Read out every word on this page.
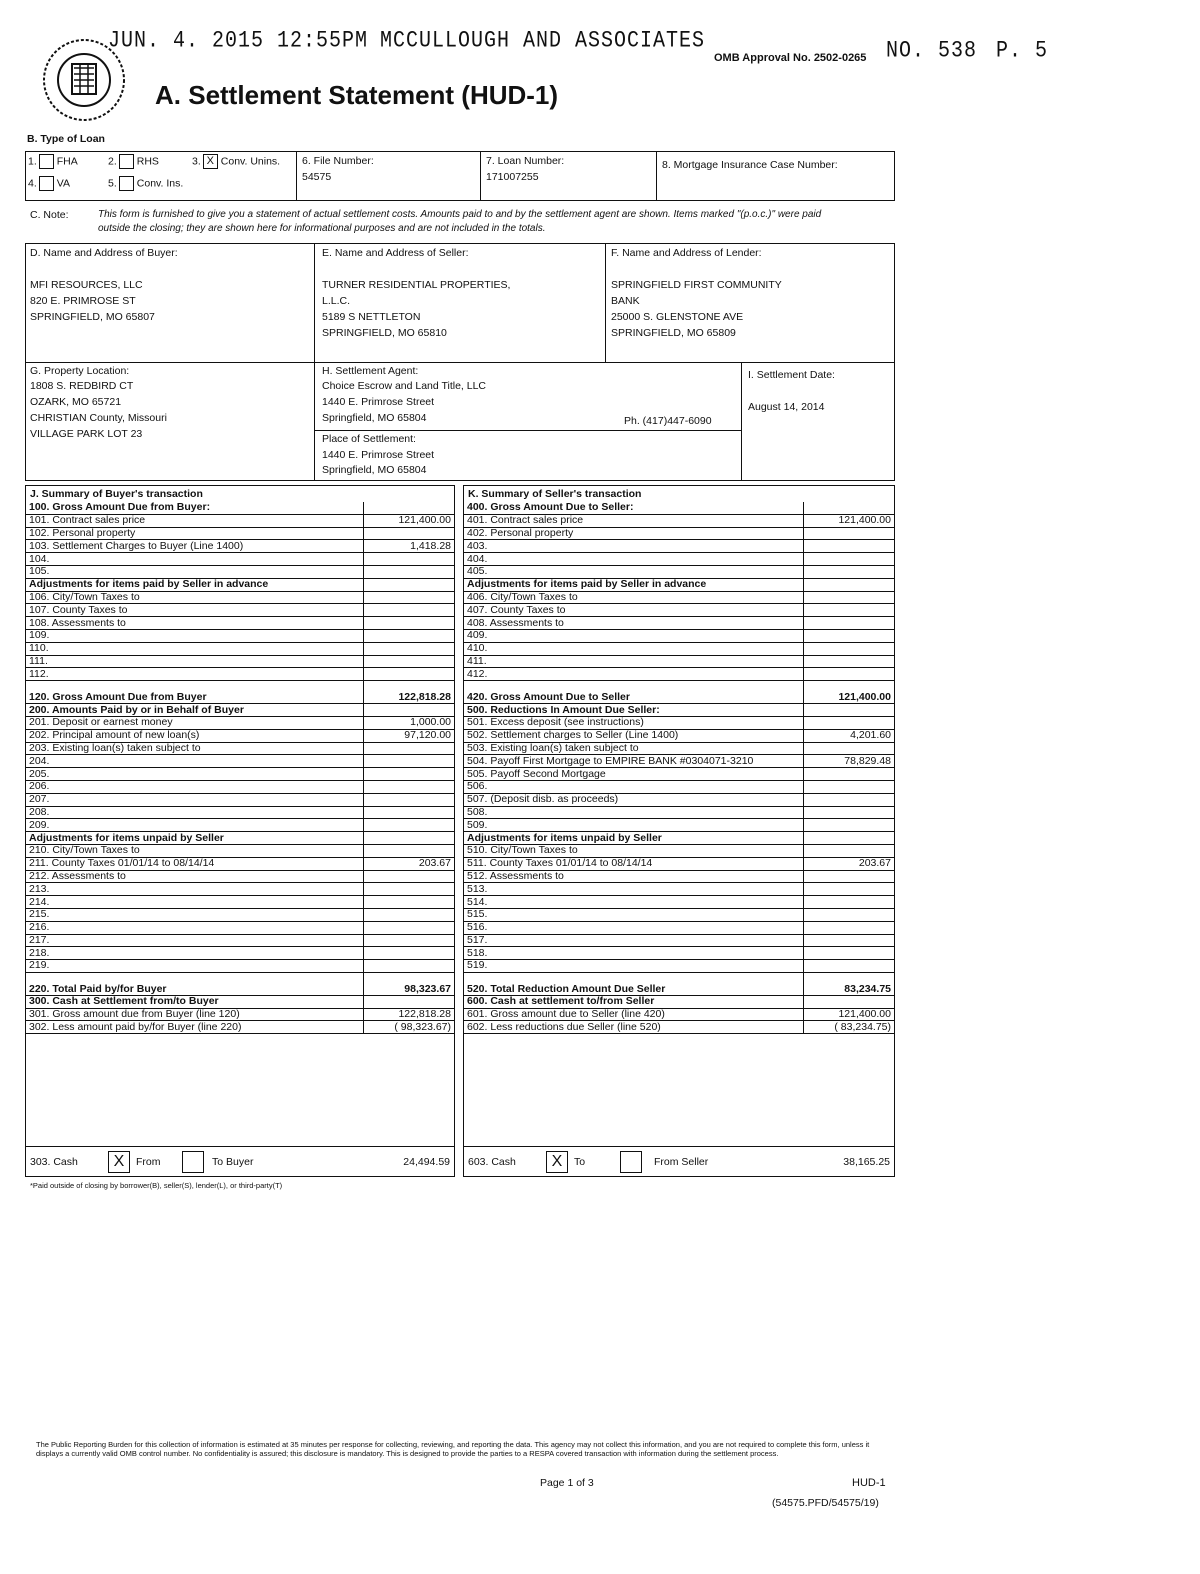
JUN. 4. 2015 12:55PM MCCULLOUGH AND ASSOCIATES	NO. 538 P. 5
OMB Approval No. 2502-0265
A. Settlement Statement (HUD-1)
B. Type of Loan
1. FHA	2. RHS	3. X Conv. Unins.
4. VA	5. Conv. Ins.
6. File Number:
54575
7. Loan Number:
171007255
8. Mortgage Insurance Case Number:
C. Note:	This form is furnished to give you a statement of actual settlement costs. Amounts paid to and by the settlement agent are shown. Items marked "(p.o.c.)" were paid outside the closing; they are shown here for informational purposes and are not included in the totals.
D. Name and Address of Buyer:
MFI RESOURCES, LLC
820 E. PRIMROSE ST
SPRINGFIELD, MO 65807
E. Name and Address of Seller:
TURNER RESIDENTIAL PROPERTIES,
L.L.C.
5189 S NETTLETON
SPRINGFIELD, MO 65810
F. Name and Address of Lender:
SPRINGFIELD FIRST COMMUNITY
BANK
25000 S. GLENSTONE AVE
SPRINGFIELD, MO 65809
G. Property Location:
1808 S. REDBIRD CT
OZARK, MO 65721
CHRISTIAN County, Missouri
VILLAGE PARK LOT 23
H. Settlement Agent:
Choice Escrow and Land Title, LLC
1440 E. Primrose Street
Springfield, MO 65804	Ph. (417)447-6090
Place of Settlement:
1440 E. Primrose Street
Springfield, MO 65804
I. Settlement Date:
August 14, 2014
J. Summary of Buyer's transaction
100. Gross Amount Due from Buyer:	
101. Contract sales price	121,400.00
102. Personal property	
103. Settlement Charges to Buyer (Line 1400)	1,418.28
104.	
105.	
Adjustments for items paid by Seller in advance	
106. City/Town Taxes to	
107. County Taxes to	
108. Assessments to	
109.	
110.	
111.	
112.	
120. Gross Amount Due from Buyer	122,818.28
200. Amounts Paid by or in Behalf of Buyer	
201. Deposit or earnest money	1,000.00
202. Principal amount of new loan(s)	97,120.00
203. Existing loan(s) taken subject to	
204.	
205.	
206.	
207.	
208.	
209.	
Adjustments for items unpaid by Seller	
210. City/Town Taxes to	
211. County Taxes 01/01/14 to 08/14/14	203.67
212. Assessments to	
213.	
214.	
215.	
216.	
217.	
218.	
219.	
220. Total Paid by/for Buyer	98,323.67
300. Cash at Settlement from/to Buyer	
301. Gross amount due from Buyer (line 120)	122,818.28
302. Less amount paid by/for Buyer (line 220)	( 98,323.67)
303. Cash	X	From	To Buyer	24,494.59
K. Summary of Seller's transaction
400. Gross Amount Due to Seller:	
401. Contract sales price	121,400.00
402. Personal property	
403.	
404.	
405.	
Adjustments for items paid by Seller in advance	
406. City/Town Taxes to	
407. County Taxes to	
408. Assessments to	
409.	
410.	
411.	
412.	
420. Gross Amount Due to Seller	121,400.00
500. Reductions In Amount Due Seller:	
501. Excess deposit (see instructions)	
502. Settlement charges to Seller (Line 1400)	4,201.60
503. Existing loan(s) taken subject to	
504. Payoff First Mortgage to EMPIRE BANK #0304071-3210	78,829.48
505. Payoff Second Mortgage	
506.	
507. (Deposit disb. as proceeds)	
508.	
509.	
Adjustments for items unpaid by Seller	
510. City/Town Taxes to	
511. County Taxes 01/01/14 to 08/14/14	203.67
512. Assessments to	
513.	
514.	
515.	
516.	
517.	
518.	
519.	
520. Total Reduction Amount Due Seller	83,234.75
600. Cash at settlement to/from Seller	
601. Gross amount due to Seller (line 420)	121,400.00
602. Less reductions due Seller (line 520)	( 83,234.75)
603. Cash	X	To	From Seller	38,165.25
*Paid outside of closing by borrower(B), seller(S), lender(L), or third-party(T)
The Public Reporting Burden for this collection of information is estimated at 35 minutes per response for collecting, reviewing, and reporting the data. This agency may not collect this information, and you are not required to complete this form, unless it displays a currently valid OMB control number. No confidentiality is assured; this disclosure is mandatory. This is designed to provide the parties to a RESPA covered transaction with information during the settlement process.
Page 1 of 3	HUD-1
(54575.PFD/54575/19)
